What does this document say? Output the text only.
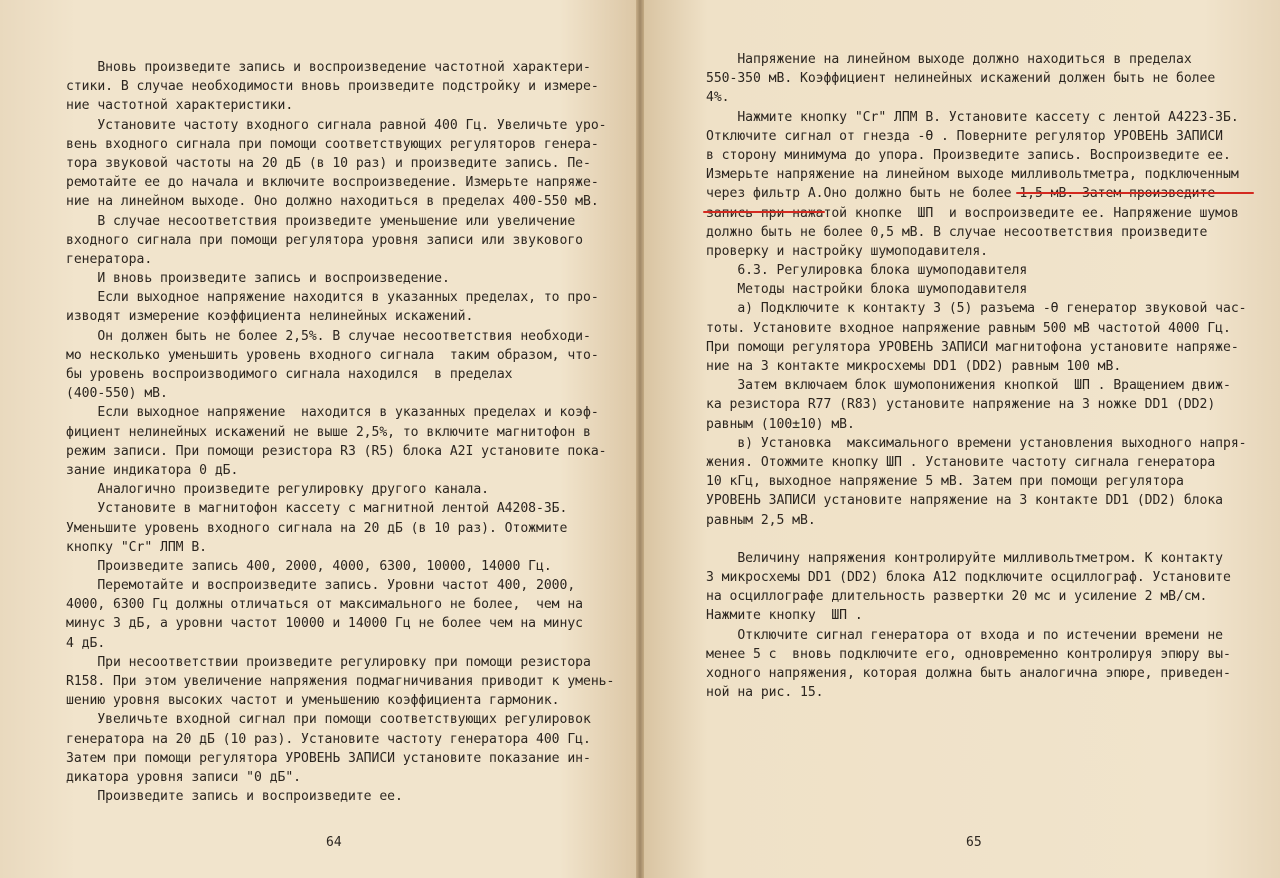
Вновь произведите запись и воспроизведение частотной характери-
стики. В случае необходимости вновь произведите подстройку и измере-
ние частотной характеристики.
Установите частоту входного сигнала равной 400 Гц. Увеличьте уро-
вень входного сигнала при помощи соответствующих регуляторов генера-
тора звуковой частоты на 20 дБ (в 10 раз) и произведите запись. Пе-
ремотайте ее до начала и включите воспроизведение. Измерьте напряже-
ние на линейном выходе. Оно должно находиться в пределах 400-550 мВ.
В случае несоответствия произведите уменьшение или увеличение
входного сигнала при помощи регулятора уровня записи или звукового
генератора.
И вновь произведите запись и воспроизведение.
Если выходное напряжение находится в указанных пределах, то про-
изводят измерение коэффициента нелинейных искажений.
Он должен быть не более 2,5%. В случае несоответствия необходи-
мо несколько уменьшить уровень входного сигнала  таким образом, что-
бы уровень воспроизводимого сигнала находился  в пределах
(400-550) мВ.
Если выходное напряжение  находится в указанных пределах и коэф-
фициент нелинейных искажений не выше 2,5%, то включите магнитофон в
режим записи. При помощи резистора R3 (R5) блока А2I установите пока-
зание индикатора 0 дБ.
Аналогично произведите регулировку другого канала.
Установите в магнитофон кассету с магнитной лентой А4208-3Б.
Уменьшите уровень входного сигнала на 20 дБ (в 10 раз). Отожмите
кнопку "Cr" ЛПМ В.
Произведите запись 400, 2000, 4000, 6300, 10000, 14000 Гц.
Перемотайте и воспроизведите запись. Уровни частот 400, 2000,
4000, 6300 Гц должны отличаться от максимального не более,  чем на
минус 3 дБ, а уровни частот 10000 и 14000 Гц не более чем на минус
4 дБ.
При несоответствии произведите регулировку при помощи резистора
R158. При этом увеличение напряжения подмагничивания приводит к умень-
шению уровня высоких частот и уменьшению коэффициента гармоник.
Увеличьте входной сигнал при помощи соответствующих регулировок
генератора на 20 дБ (10 раз). Установите частоту генератора 400 Гц.
Затем при помощи регулятора УРОВЕНЬ ЗАПИСИ установите показание ин-
дикатора уровня записи "0 дБ".
Произведите запись и воспроизведите ее.
64
Напряжение на линейном выходе должно находиться в пределах
550-350 мВ. Коэффициент нелинейных искажений должен быть не более
4%.
Нажмите кнопку "Cr" ЛПМ В. Установите кассету с лентой А4223-3Б.
Отключите сигнал от гнезда -Ө . Поверните регулятор УРОВЕНЬ ЗАПИСИ
в сторону минимума до упора. Произведите запись. Воспроизведите ее.
Измерьте напряжение на линейном выходе милливольтметра, подключенным
через фильтр А.Оно должно быть не более 1,5 мВ. Затем произведите
запись при нажатой кнопке  ШП  и воспроизведите ее. Напряжение шумов
должно быть не более 0,5 мВ. В случае несоответствия произведите
проверку и настройку шумоподавителя.
6.3. Регулировка блока шумоподавителя
Методы настройки блока шумоподавителя
а) Подключите к контакту 3 (5) разъема -Ө генератор звуковой час-
тоты. Установите входное напряжение равным 500 мВ частотой 4000 Гц.
При помощи регулятора УРОВЕНЬ ЗАПИСИ магнитофона установите напряже-
ние на 3 контакте микросхемы DD1 (DD2) равным 100 мВ.
Затем включаем блок шумопонижения кнопкой  ШП . Вращением движ-
ка резистора R77 (R83) установите напряжение на 3 ножке DD1 (DD2)
равным (100±10) мВ.
в) Установка  максимального времени установления выходного напря-
жения. Отожмите кнопку ШП . Установите частоту сигнала генератора
10 кГц, выходное напряжение 5 мВ. Затем при помощи регулятора
УРОВЕНЬ ЗАПИСИ установите напряжение на 3 контакте DD1 (DD2) блока
равным 2,5 мВ.
Величину напряжения контролируйте милливольтметром. К контакту
3 микросхемы DD1 (DD2) блока А12 подключите осциллограф. Установите
на осциллографе длительность развертки 20 мс и усиление 2 мВ/см.
Нажмите кнопку  ШП .
Отключите сигнал генератора от входа и по истечении времени не
менее 5 с  вновь подключите его, одновременно контролируя эпюру вы-
ходного напряжения, которая должна быть аналогична эпюре, приведен-
ной на рис. 15.
65
